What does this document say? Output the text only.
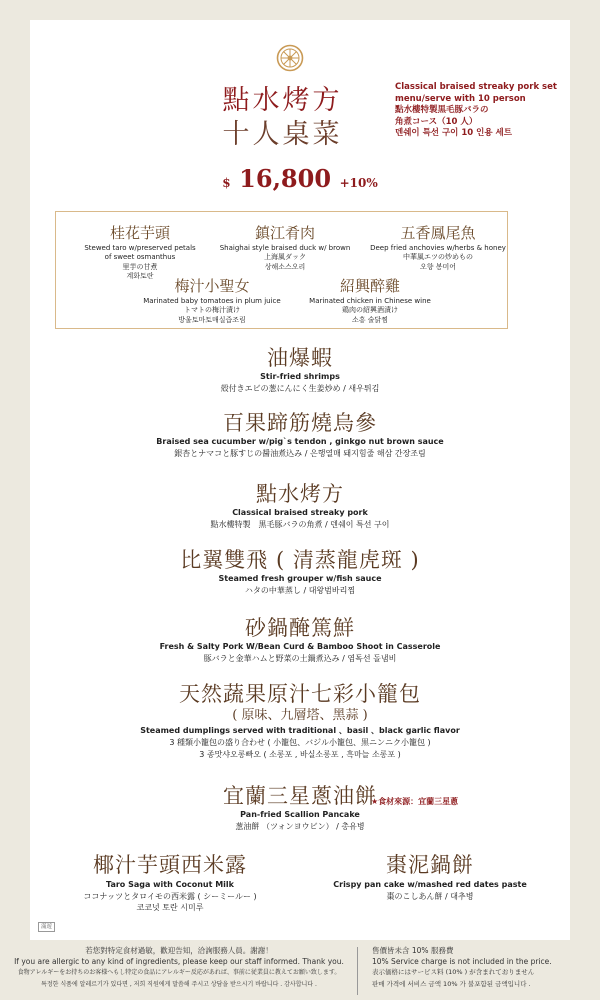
點水烤方
十人桌菜
Classical braised streaky pork set
menu/serve with 10 person
點水樓特製黒毛豚バラの
角煮コース（10 人）
덴쉐이 특선 구이 10 인용 세트
$ 16,800 +10%
桂花芋頭
Stewed taro w/preserved petals
of sweet osmanthus
里芋の甘煮
계화토란
鎮江肴肉
Shaighai style braised duck w/ brown
上海風ダック
상해소스오리
五香鳳尾魚
Deep fried anchovies w/herbs & honey
中華風エツの炒めもの
오향 봉미어
梅汁小聖女
Marinated baby tomatoes in plum juice
トマトの梅汁漬け
방울토마토매실즙조림
紹興醉雞
Marinated chicken in Chinese wine
鶏肉の紹興酒漬け
소흥 술닭찜
油爆蝦
Stir-fried shrimps
殻付きエビの葱にんにく生姜炒め / 새우튀김
百果蹄筋燒烏參
Braised sea cucumber w/pig`s tendon , ginkgo nut brown sauce
銀杏とナマコと豚すじの醤油煮込み / 은행열매 돼지힘줄 해삼 간장조림
點水烤方
Classical braised streaky pork
點水樓特製　黒毛豚バラの角煮 / 덴쉐이 특선 구이
比翼雙飛 ( 清蒸龍虎斑 )
Steamed fresh grouper w/fish sauce
ハタの中華蒸し / 대왕범바리찜
砂鍋醃篤鮮
Fresh & Salty Pork W/Bean Curd & Bamboo Shoot in Casserole
豚バラと金華ハムと野菜の土鍋煮込み / 염독선 돌냄비
天然蔬果原汁七彩小籠包
( 原味、九層塔、黑蒜 )
Steamed dumplings served with traditional 、basil 、black garlic flavor
3 種類小籠包の盛り合わせ ( 小籠包、バジル小籠包、黒ニンニク小籠包 )
3 종맛샤오롱빠오 ( 소롱포 , 바실소롱포 , 흑마늘 소롱포 )
宜蘭三星蔥油餅
Pan-fried Scallion Pancake
葱油餅 （ツォンヨウビン） / 총유병
★食材來源：宜蘭三星蔥
椰汁芋頭西米露
Taro Saga with Coconut Milk
ココナッツとタロイモの西米露 ( シーミールー )
코코넛 토란 시미루
棗泥鍋餅
Crispy pan cake w/mashed red dates paste
棗のこしあん餅 / 대추병
滿遊
若您對特定食材過敏，歡迎告知，洽詢服務人員。謝謝！
If you are allergic to any kind of ingredients, please keep our staff informed. Thank you.
食物アレルギーをお持ちのお客様へもし特定の食品にアレルギー反応があれば、事前に従業員に教えてお願い致します。
특정한 식품에 알레르기가 있다면 , 저희 직원에게 말씀해 주시고 상담을 받으시기 바랍니다 . 감사합니다 .
售價皆未含 10% 服務費
10% Service charge is not included in the price.
表示価格にはサービス料 (10% ) が含まれておりません
판매 가격에 서비스 금액 10% 가 불포함된 금액입니다 .
